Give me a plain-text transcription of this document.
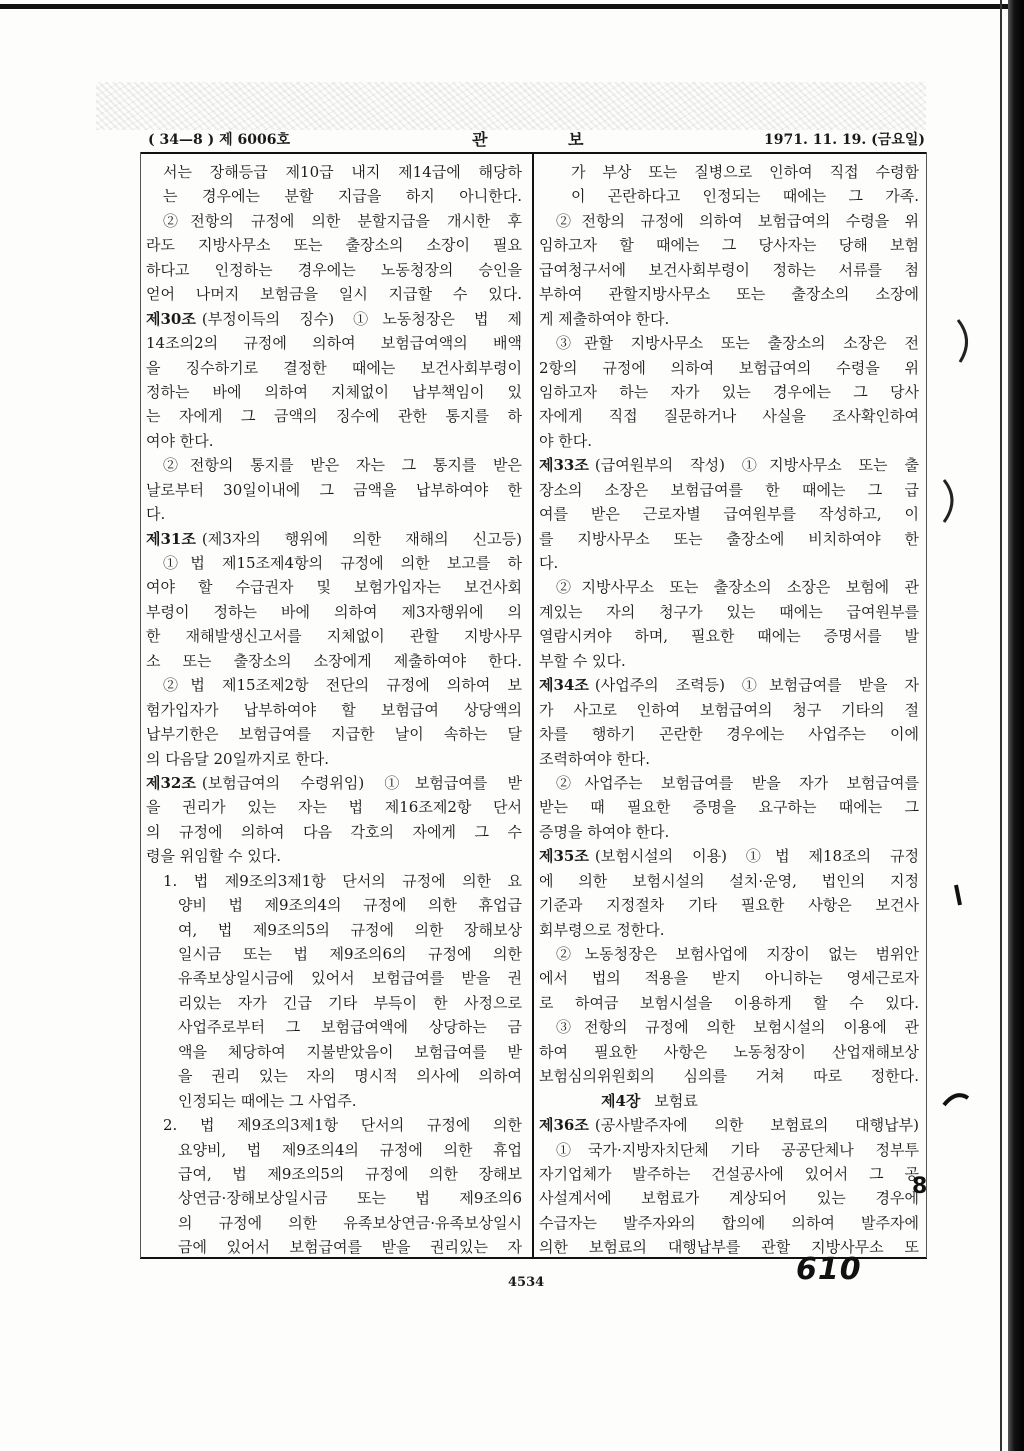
( 34—8 ) 제 6006호	관	보	1971. 11. 19. (금요일)
서는 장해등급 제10급 내지 제14급에 해당하
는 경우에는 분할 지급을 하지 아니한다.
②전항의 규정에 의한 분할지급을 개시한 후
라도 지방사무소 또는 출장소의 소장이 필요
하다고 인정하는 경우에는 노동청장의 승인을
얻어 나머지 보험금을 일시 지급할 수 있다.
제30조 (부정이득의 징수) ①노동청장은 법 제
14조의2의 규정에 의하여 보험급여액의 배액
을 징수하기로 결정한 때에는 보건사회부령이
정하는 바에 의하여 지체없이 납부책임이 있
는 자에게 그 금액의 징수에 관한 통지를 하
여야 한다.
②전항의 통지를 받은 자는 그 통지를 받은
날로부터 30일이내에 그 금액을 납부하여야 한
다.
제31조 (제3자의 행위에 의한 재해의 신고등)
①법 제15조제4항의 규정에 의한 보고를 하
여야 할 수급권자 및 보험가입자는 보건사회
부령이 정하는 바에 의하여 제3자행위에 의
한 재해발생신고서를 지체없이 관할 지방사무
소 또는 출장소의 소장에게 제출하여야 한다.
②법 제15조제2항 전단의 규정에 의하여 보
험가입자가 납부하여야 할 보험급여 상당액의
납부기한은 보험급여를 지급한 날이 속하는 달
의 다음달 20일까지로 한다.
제32조 (보험급여의 수령위임) ①보험급여를 받
을 권리가 있는 자는 법 제16조제2항 단서
의 규정에 의하여 다음 각호의 자에게 그 수
령을 위임할 수 있다.
1. 법 제9조의3제1항 단서의 규정에 의한 요
양비 법 제9조의4의 규정에 의한 휴업급
여, 법 제9조의5의 규정에 의한 장해보상
일시금 또는 법 제9조의6의 규정에 의한
유족보상일시금에 있어서 보험급여를 받을 권
리있는 자가 긴급 기타 부득이 한 사정으로
사업주로부터 그 보험급여액에 상당하는 금
액을 체당하여 지불받았음이 보험급여를 받
을 권리 있는 자의 명시적 의사에 의하여
인정되는 때에는 그 사업주.
2. 법 제9조의3제1항 단서의 규정에 의한
요양비, 법 제9조의4의 규정에 의한 휴업
급여, 법 제9조의5의 규정에 의한 장해보
상연금·장해보상일시금 또는 법 제9조의6
의 규정에 의한 유족보상연금·유족보상일시
금에 있어서 보험급여를 받을 권리있는 자
가 부상 또는 질병으로 인하여 직접 수령함
이 곤란하다고 인정되는 때에는 그 가족.
②전항의 규정에 의하여 보험급여의 수령을 위
임하고자 할 때에는 그 당사자는 당해 보험
급여청구서에 보건사회부령이 정하는 서류를 첨
부하여 관할지방사무소 또는 출장소의 소장에
게 제출하여야 한다.
③관할 지방사무소 또는 출장소의 소장은 전
2항의 규정에 의하여 보험급여의 수령을 위
임하고자 하는 자가 있는 경우에는 그 당사
자에게 직접 질문하거나 사실을 조사확인하여
야 한다.
제33조 (급여원부의 작성) ①지방사무소 또는 출
장소의 소장은 보험급여를 한 때에는 그 급
여를 받은 근로자별 급여원부를 작성하고, 이
를 지방사무소 또는 출장소에 비치하여야 한
다.
②지방사무소 또는 출장소의 소장은 보험에 관
계있는 자의 청구가 있는 때에는 급여원부를
열람시켜야 하며, 필요한 때에는 증명서를 발
부할 수 있다.
제34조 (사업주의 조력등) ①보험급여를 받을 자
가 사고로 인하여 보험급여의 청구 기타의 절
차를 행하기 곤란한 경우에는 사업주는 이에
조력하여야 한다.
②사업주는 보험급여를 받을 자가 보험급여를
받는 때 필요한 증명을 요구하는 때에는 그
증명을 하여야 한다.
제35조 (보험시설의 이용) ①법 제18조의 규정
에 의한 보험시설의 설치·운영, 법인의 지정
기준과 지정절차 기타 필요한 사항은 보건사
회부령으로 정한다.
②노동청장은 보험사업에 지장이 없는 범위안
에서 법의 적용을 받지 아니하는 영세근로자
로 하여금 보험시설을 이용하게 할 수 있다.
③전항의 규정에 의한 보험시설의 이용에 관
하여 필요한 사항은 노동청장이 산업재해보상
보험심의위원회의 심의를 거쳐 따로 정한다.
제4장 보험료
제36조 (공사발주자에 의한 보험료의 대행납부)
①국가·지방자치단체 기타 공공단체나 정부투
자기업체가 발주하는 건설공사에 있어서 그 공
사설계서에 보험료가 계상되어 있는 경우에
수급자는 발주자와의 합의에 의하여 발주자에
의한 보험료의 대행납부를 관할 지방사무소 또
8
4534	610
